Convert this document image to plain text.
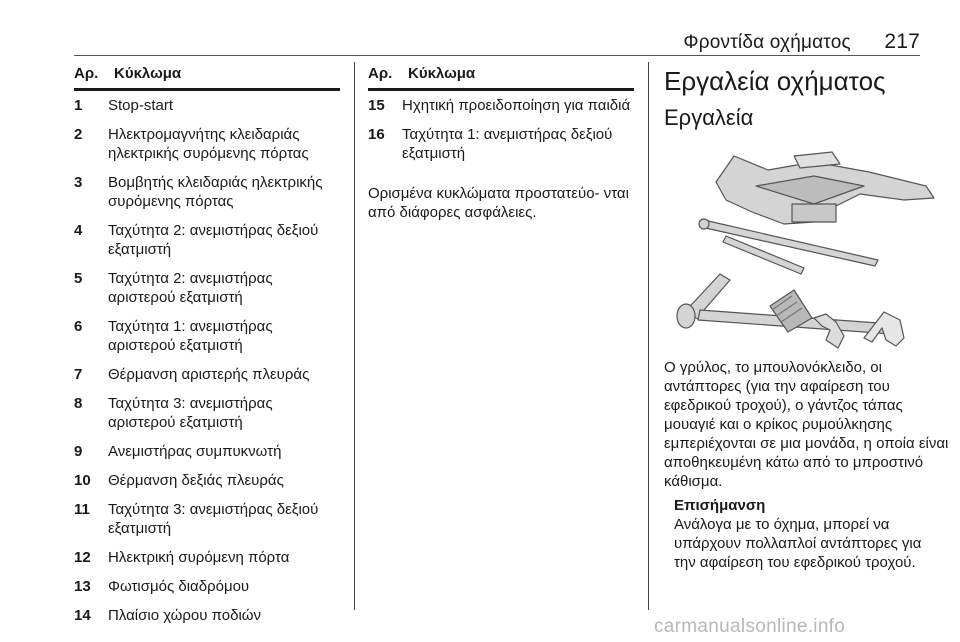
Φροντίδα οχήματος 217
Αρ.	Κύκλωμα
1	Stop-start
2	Ηλεκτρομαγνήτης κλειδαριάς ηλεκτρικής συρόμενης πόρτας
3	Βομβητής κλειδαριάς ηλεκτρικής συρόμενης πόρτας
4	Ταχύτητα 2: ανεμιστήρας δεξιού εξατμιστή
5	Ταχύτητα 2: ανεμιστήρας αριστερού εξατμιστή
6	Ταχύτητα 1: ανεμιστήρας αριστερού εξατμιστή
7	Θέρμανση αριστερής πλευράς
8	Ταχύτητα 3: ανεμιστήρας αριστερού εξατμιστή
9	Ανεμιστήρας συμπυκνωτή
10	Θέρμανση δεξιάς πλευράς
11	Ταχύτητα 3: ανεμιστήρας δεξιού εξατμιστή
12	Ηλεκτρική συρόμενη πόρτα
13	Φωτισμός διαδρόμου
14	Πλαίσιο χώρου ποδιών
Αρ.	Κύκλωμα
15	Ηχητική προειδοποίηση για παιδιά
16	Ταχύτητα 1: ανεμιστήρας δεξιού εξατμιστή
Ορισμένα κυκλώματα προστατεύο- νται από διάφορες ασφάλειες.
Εργαλεία οχήματος
Εργαλεία
Ο γρύλος, το μπουλονόκλειδο, οι αντάπτορες (για την αφαίρεση του εφεδρικού τροχού), ο γάντζος τάπας μουαγιέ και ο κρίκος ρυμούλκησης εμπεριέχονται σε μια μονάδα, η οποία είναι αποθηκευμένη κάτω από το μπροστινό κάθισμα.
Επισήμανση
Ανάλογα με το όχημα, μπορεί να υπάρχουν πολλαπλοί αντάπτορες για την αφαίρεση του εφεδρικού τροχού.
carmanualsonline.info
